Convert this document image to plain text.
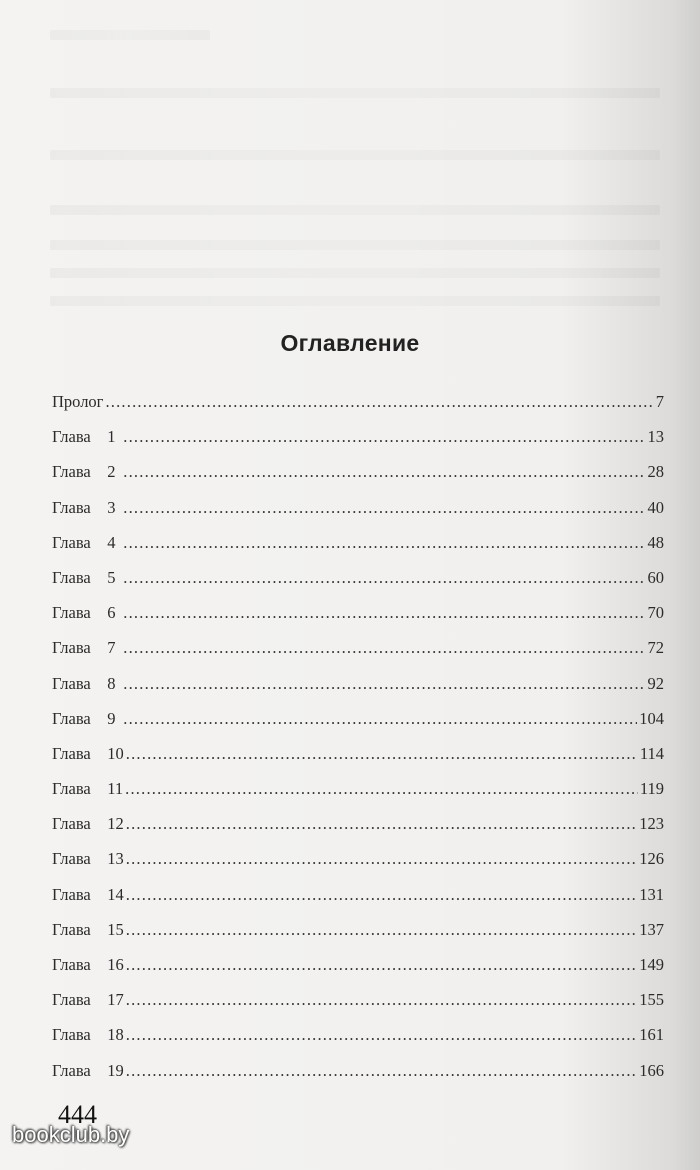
Оглавление
Пролог .....	7
Глава  1 .....	13
Глава  2 .....	28
Глава  3 .....	40
Глава  4 .....	48
Глава  5 .....	60
Глава  6 .....	70
Глава  7 .....	72
Глава  8 .....	92
Глава  9 .....	104
Глава  10 .....	114
Глава  11 .....	119
Глава  12 .....	123
Глава  13 .....	126
Глава  14 .....	131
Глава  15 .....	137
Глава  16 .....	149
Глава  17 .....	155
Глава  18 .....	161
Глава  19 .....	166
444
bookclub.by
